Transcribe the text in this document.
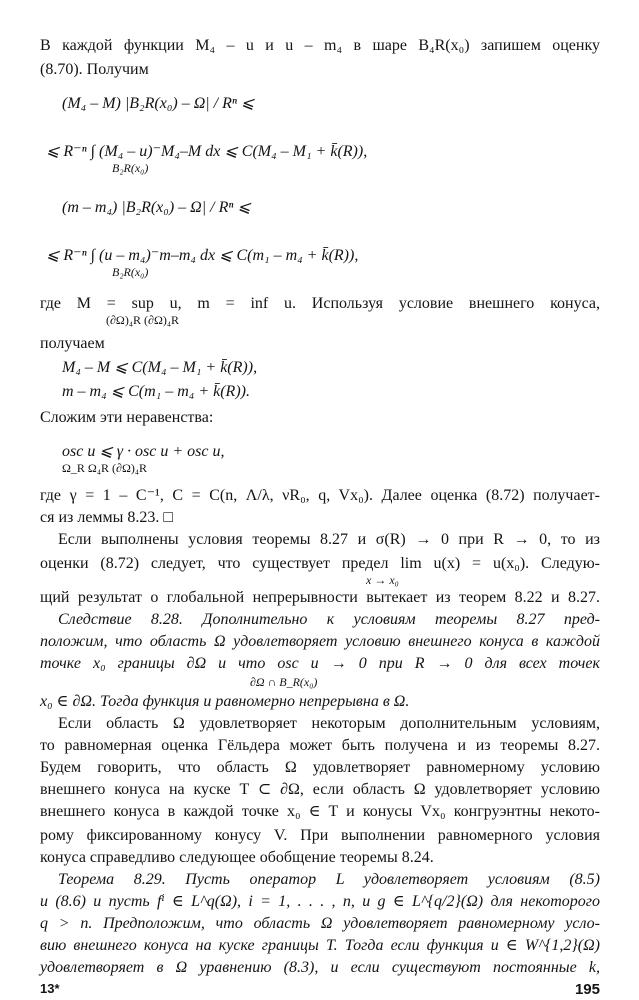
В каждой функции M₄ – u и u – m₄ в шаре B₄R(x₀) запишем оценку
(8.70). Получим
(M₄ – M) |B₂R(x₀) – Ω| / Rⁿ ⩽
⩽ R⁻ⁿ ∫ (M₄ – u)⁻M₄–M dx ⩽ C(M₄ – M₁ + k̄(R)),
B₂R(x₀)
(m – m₄) |B₂R(x₀) – Ω| / Rⁿ ⩽
⩽ R⁻ⁿ ∫ (u – m₄)⁻m–m₄ dx ⩽ C(m₁ – m₄ + k̄(R)),
B₂R(x₀)
где M = sup u, m = inf u. Используя условие внешнего конуса,
(∂Ω)₄R (∂Ω)₄R
получаем
M₄ – M ⩽ C(M₄ – M₁ + k̄(R)),
m – m₄ ⩽ C(m₁ – m₄ + k̄(R)).
Сложим эти неравенства:
osc u ⩽ γ · osc u + osc u,
Ω_R Ω₄R (∂Ω)₄R
где γ = 1 – C⁻¹, C = C(n, Λ/λ, νR₀, q, Vx₀). Далее оценка (8.72) получает-
ся из леммы 8.23. □
Если выполнены условия теоремы 8.27 и σ(R) → 0 при R → 0, то из
оценки (8.72) следует, что существует предел lim u(x) = u(x₀). Следую-
x → x₀
щий результат о глобальной непрерывности вытекает из теорем 8.22 и 8.27.
Следствие 8.28. Дополнительно к условиям теоремы 8.27 пред-
положим, что область Ω удовлетворяет условию внешнего конуса в каждой
точке x₀ границы ∂Ω и что osc u → 0 при R → 0 для всех точек
∂Ω ∩ B_R(x₀)
x₀ ∈ ∂Ω. Тогда функция u равномерно непрерывна в Ω.
Если область Ω удовлетворяет некоторым дополнительным условиям,
то равномерная оценка Гёльдера может быть получена и из теоремы 8.27.
Будем говорить, что область Ω удовлетворяет равномерному условию
внешнего конуса на куске T ⊂ ∂Ω, если область Ω удовлетворяет условию
внешнего конуса в каждой точке x₀ ∈ T и конусы Vx₀ конгруэнтны некото-
рому фиксированному конусу V. При выполнении равномерного условия
конуса справедливо следующее обобщение теоремы 8.24.
Теорема 8.29. Пусть оператор L удовлетворяет условиям (8.5)
и (8.6) и пусть fⁱ ∈ L^q(Ω), i = 1, . . . , n, и g ∈ L^{q/2}(Ω) для некоторого
q > n. Предположим, что область Ω удовлетворяет равномерному усло-
вию внешнего конуса на куске границы T. Тогда если функция u ∈ W^{1,2}(Ω)
удовлетворяет в Ω уравнению (8.3), и если существуют постоянные k,
13*	195
